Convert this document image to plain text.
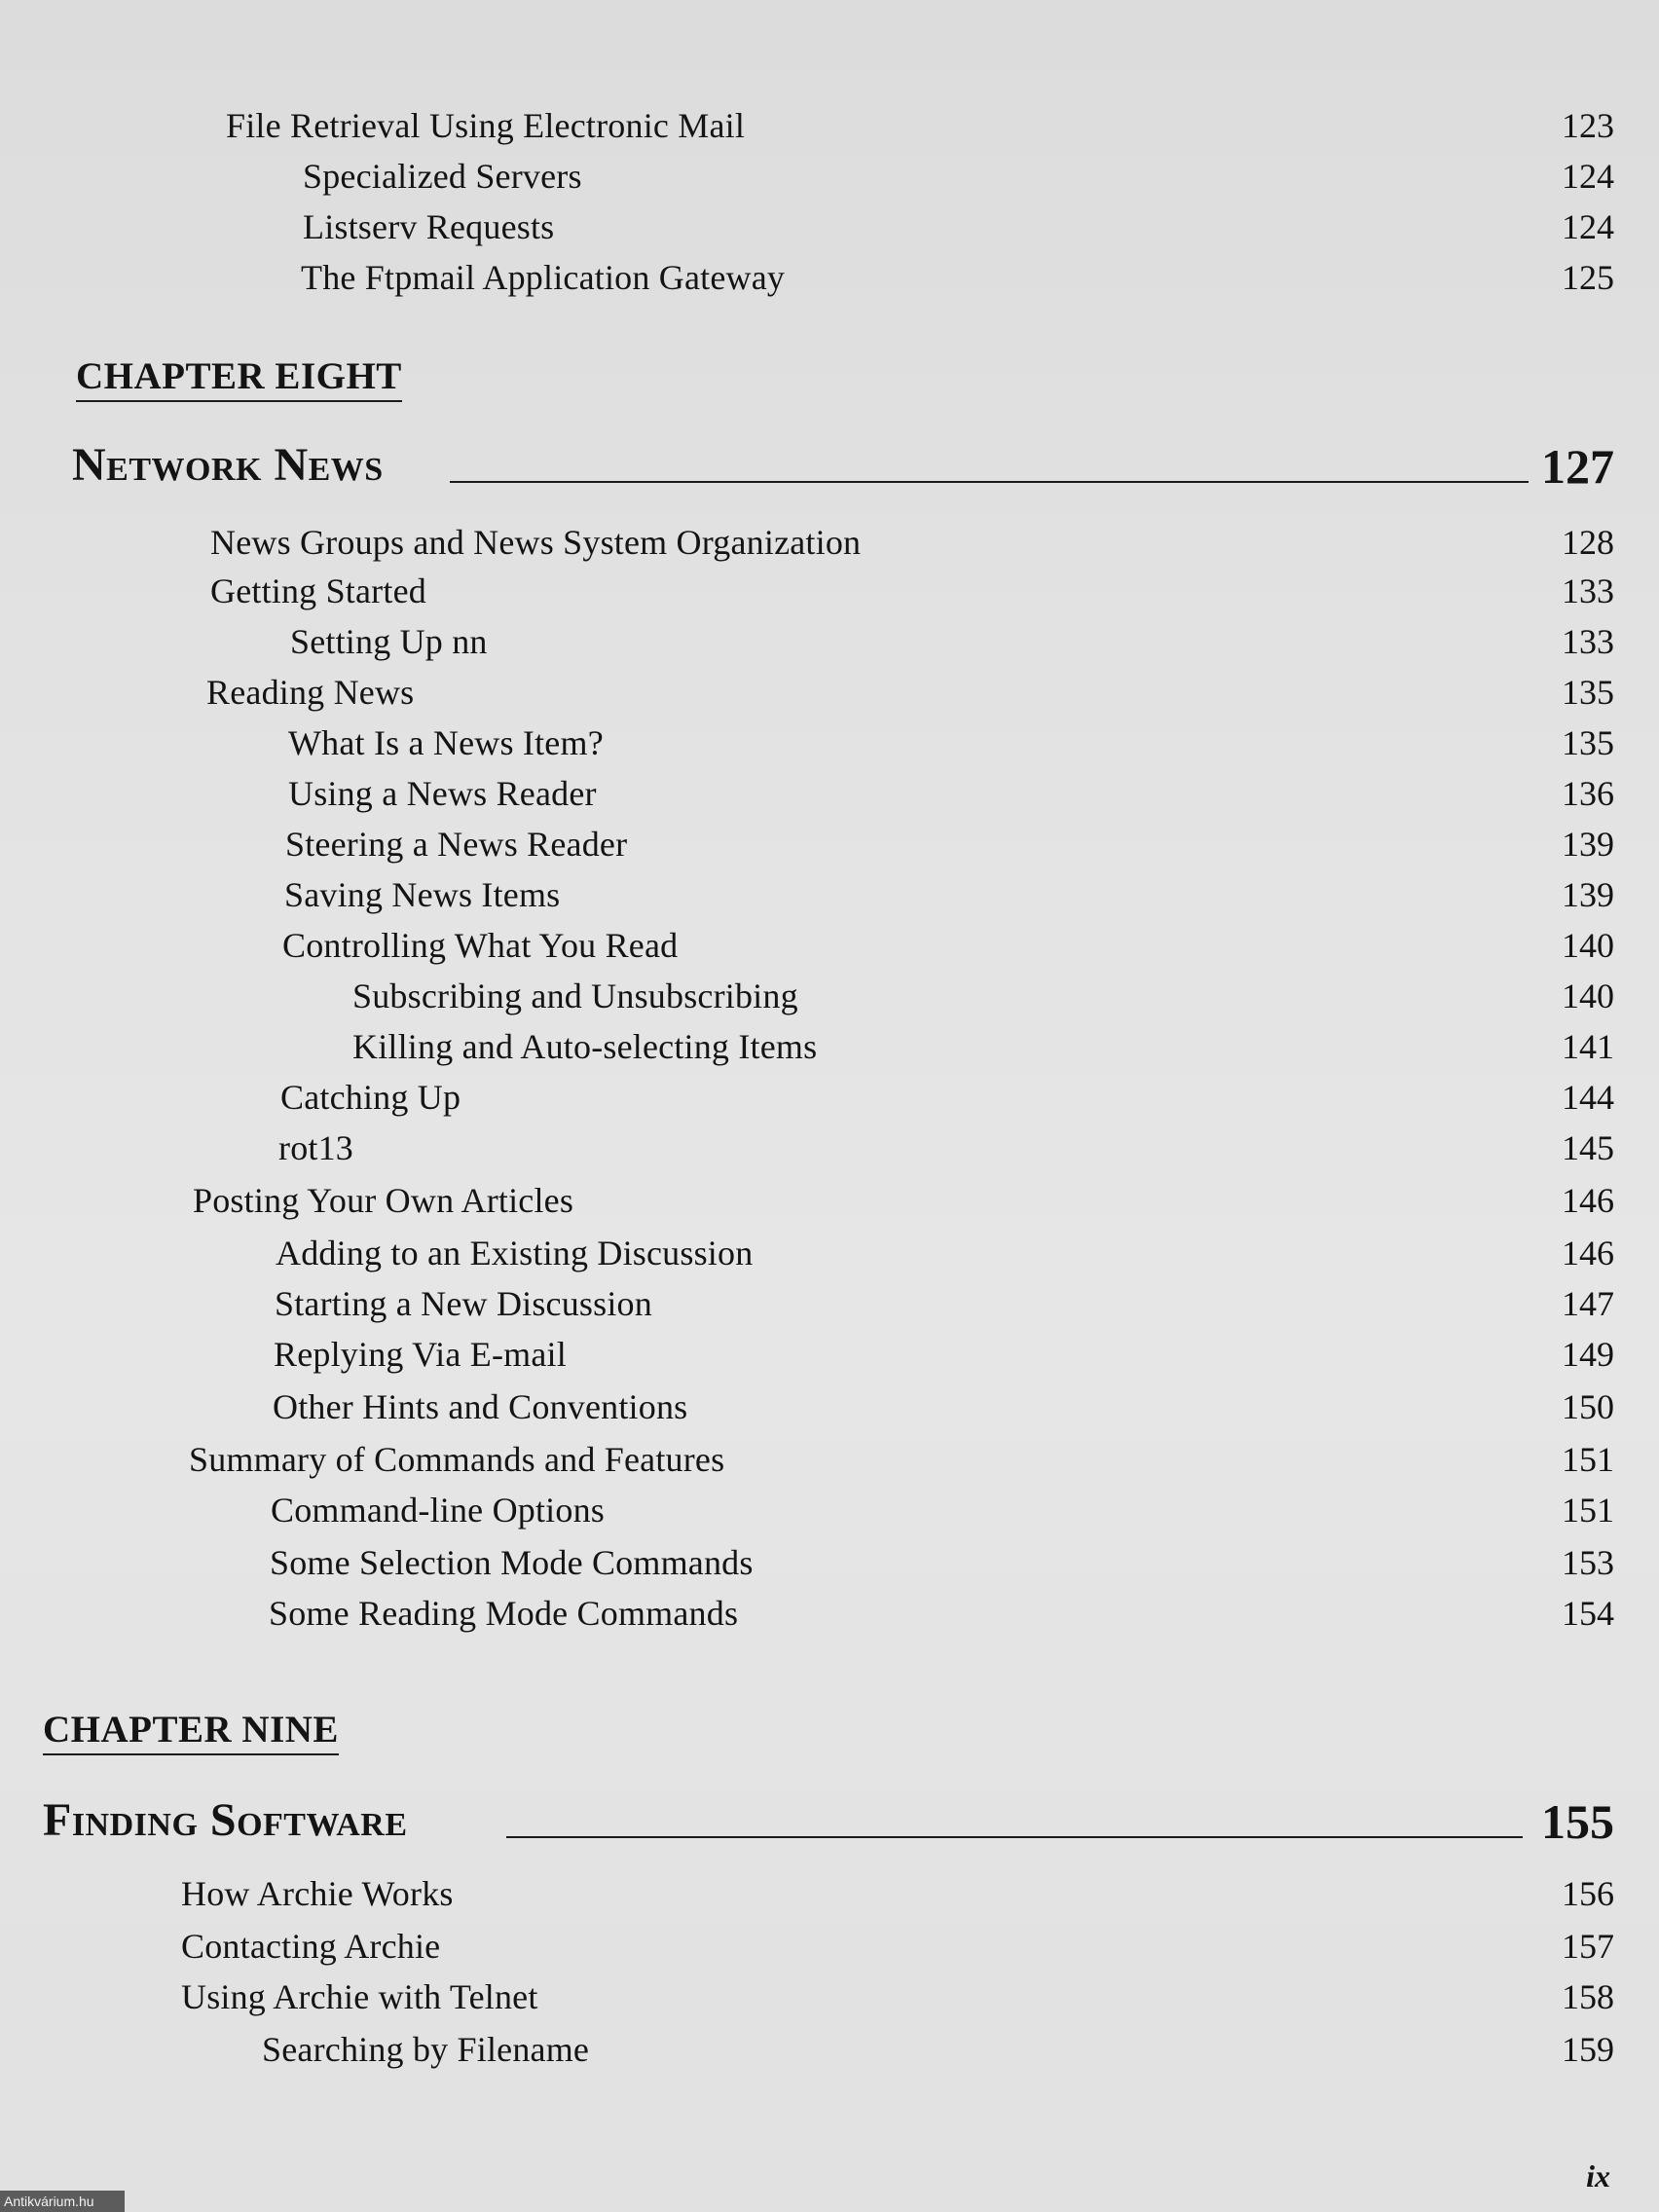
File Retrieval Using Electronic Mail	123
Specialized Servers	124
Listserv Requests	124
The Ftpmail Application Gateway	125
CHAPTER EIGHT
Network News	127
News Groups and News System Organization	128
Getting Started	133
Setting Up nn	133
Reading News	135
What Is a News Item?	135
Using a News Reader	136
Steering a News Reader	139
Saving News Items	139
Controlling What You Read	140
Subscribing and Unsubscribing	140
Killing and Auto-selecting Items	141
Catching Up	144
rot13	145
Posting Your Own Articles	146
Adding to an Existing Discussion	146
Starting a New Discussion	147
Replying Via E-mail	149
Other Hints and Conventions	150
Summary of Commands and Features	151
Command-line Options	151
Some Selection Mode Commands	153
Some Reading Mode Commands	154
CHAPTER NINE
Finding Software	155
How Archie Works	156
Contacting Archie	157
Using Archie with Telnet	158
Searching by Filename	159
ix
Antikvárium.hu
